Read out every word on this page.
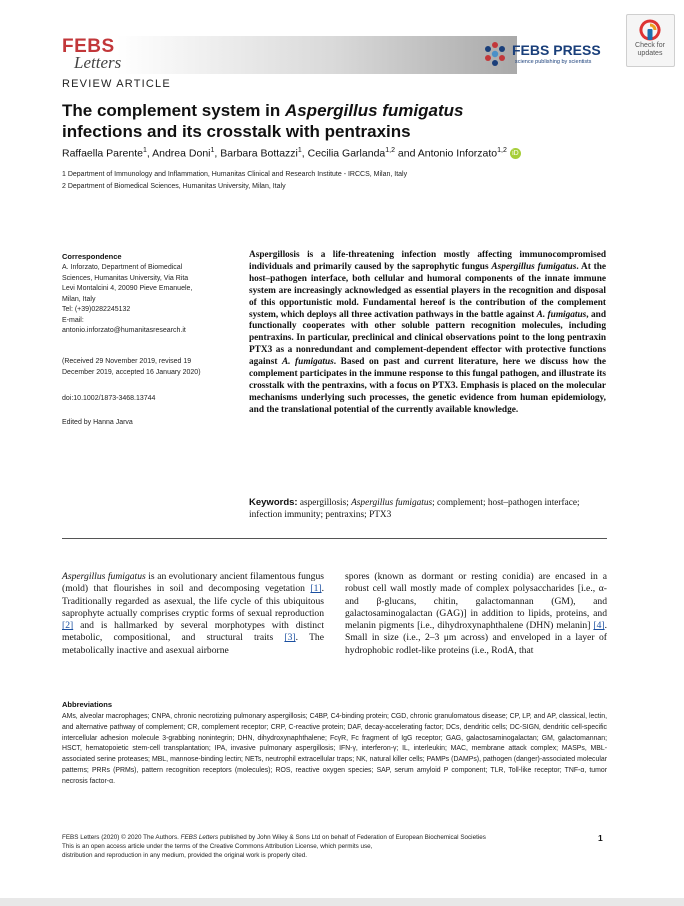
FEBS
Letters
FEBS PRESS
science publishing by scientists
Check for updates
REVIEW ARTICLE
The complement system in Aspergillus fumigatus
infections and its crosstalk with pentraxins
Raffaella Parente$^1$, Andrea Doni$^1$, Barbara Bottazzi$^1$, Cecilia Garlanda$^{1,2}$ and Antonio Inforzato$^{1,2}$ iD
1 Department of Immunology and Inflammation, Humanitas Clinical and Research Institute - IRCCS, Milan, Italy
2 Department of Biomedical Sciences, Humanitas University, Milan, Italy
Correspondence
A. Inforzato, Department of Biomedical
Sciences, Humanitas University, Via Rita
Levi Montalcini 4, 20090 Pieve Emanuele,
Milan, Italy
Tel: (+39)0282245132
E-mail:
antonio.inforzato@humanitasresearch.it
(Received 29 November 2019, revised 19
December 2019, accepted 16 January 2020)
doi:10.1002/1873-3468.13744
Edited by Hanna Jarva
Aspergillosis is a life-threatening infection mostly affecting immunocompromised individuals and primarily caused by the saprophytic fungus Aspergillus fumigatus. At the host–pathogen interface, both cellular and humoral components of the innate immune system are increasingly acknowledged as essential players in the recognition and disposal of this opportunistic mold. Fundamental hereof is the contribution of the complement system, which deploys all three activation pathways in the battle against A. fumigatus, and functionally cooperates with other soluble pattern recognition molecules, including pentraxins. In particular, preclinical and clinical observations point to the long pentraxin PTX3 as a nonredundant and complement-dependent effector with protective functions against A. fumigatus. Based on past and current literature, here we discuss how the complement participates in the immune response to this fungal pathogen, and illustrate its crosstalk with the pentraxins, with a focus on PTX3. Emphasis is placed on the molecular mechanisms underlying such processes, the genetic evidence from human epidemiology, and the translational potential of the currently available knowledge.
Keywords: aspergillosis; Aspergillus fumigatus; complement; host–pathogen interface; infection immunity; pentraxins; PTX3
Aspergillus fumigatus is an evolutionary ancient filamentous fungus (mold) that flourishes in soil and decomposing vegetation [1]. Traditionally regarded as asexual, the life cycle of this ubiquitous saprophyte actually comprises cryptic forms of sexual reproduction [2] and is hallmarked by several morphotypes with distinct metabolic, compositional, and structural traits [3]. The metabolically inactive and asexual airborne
spores (known as dormant or resting conidia) are encased in a robust cell wall mostly made of complex polysaccharides [i.e., α- and β-glucans, chitin, galactomannan (GM), and galactosaminogalactan (GAG)] in addition to lipids, proteins, and melanin pigments [i.e., dihydroxynaphthalene (DHN) melanin] [4]. Small in size (i.e., 2–3 μm across) and enveloped in a layer of hydrophobic rodlet-like proteins (i.e., RodA, that
Abbreviations
AMs, alveolar macrophages; CNPA, chronic necrotizing pulmonary aspergillosis; C4BP, C4-binding protein; CGD, chronic granulomatous disease; CP, LP, and AP, classical, lectin, and alternative pathway of complement; CR, complement receptor; CRP, C-reactive protein; DAF, decay-accelerating factor; DCs, dendritic cells; DC-SIGN, dendritic cell-specific intercellular adhesion molecule 3-grabbing nonintegrin; DHN, dihydroxynaphthalene; FcγR, Fc fragment of IgG receptor; GAG, galactosaminogalactan; GM, galactomannan; HSCT, hematopoietic stem-cell transplantation; IPA, invasive pulmonary aspergillosis; IFN-γ, interferon-γ; IL, interleukin; MAC, membrane attack complex; MASPs, MBL-associated serine proteases; MBL, mannose-binding lectin; NETs, neutrophil extracellular traps; NK, natural killer cells; PAMPs (DAMPs), pathogen (danger)-associated molecular patterns; PRRs (PRMs), pattern recognition receptors (molecules); ROS, reactive oxygen species; SAP, serum amyloid P component; TLR, Toll-like receptor; TNF-α, tumor necrosis factor-α.
FEBS Letters (2020) © 2020 The Authors. FEBS Letters published by John Wiley & Sons Ltd on behalf of Federation of European Biochemical Societies
This is an open access article under the terms of the Creative Commons Attribution License, which permits use,
distribution and reproduction in any medium, provided the original work is properly cited.
1
